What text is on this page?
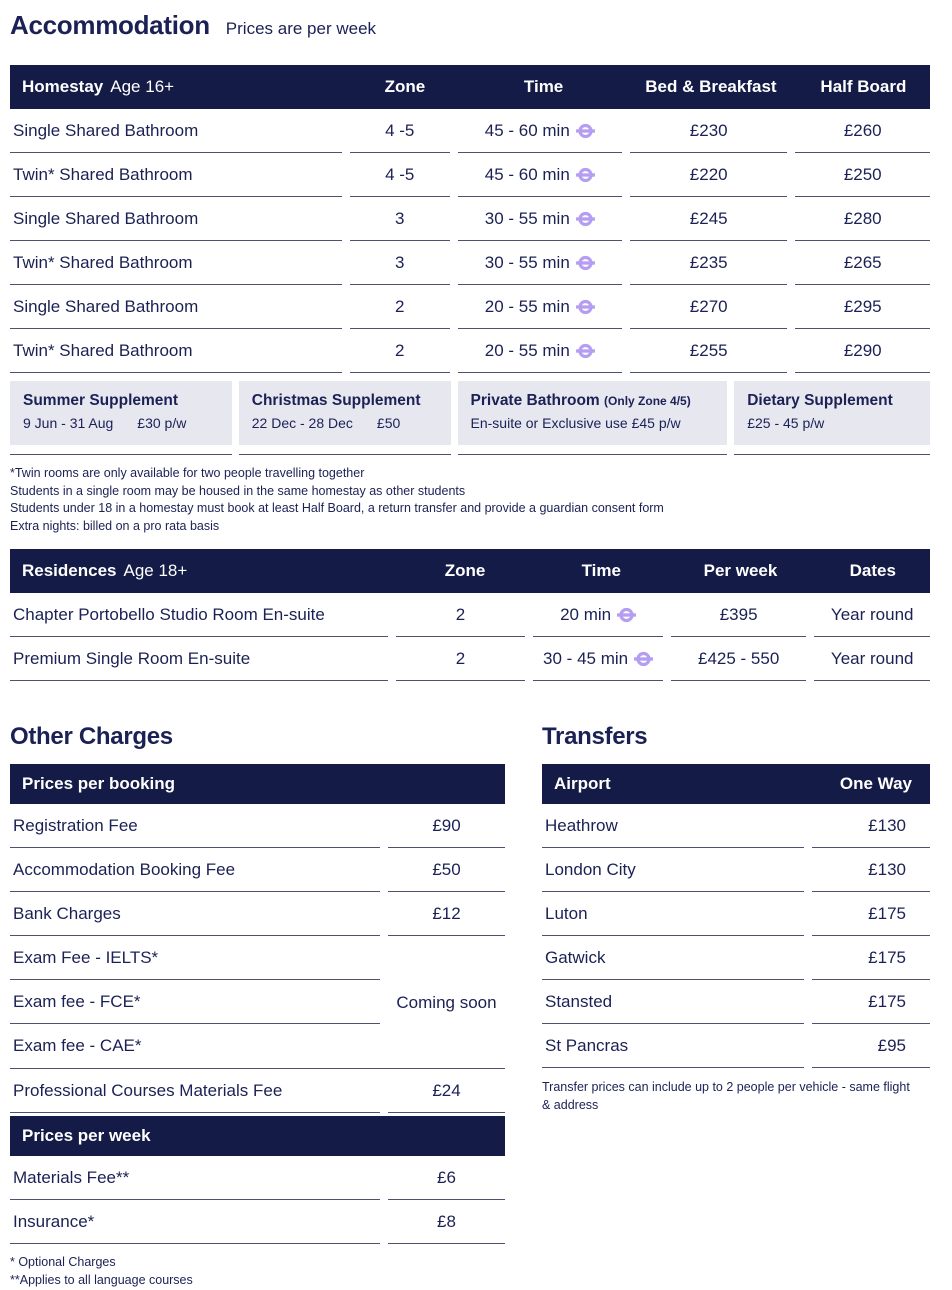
Accommodation Prices are per week
Homestay Age 16+	Zone	Time	Bed & Breakfast	Half Board
Single Shared Bathroom	4 -5	45 - 60 min	£230	£260
Twin* Shared Bathroom	4 -5	45 - 60 min	£220	£250
Single Shared Bathroom	3	30 - 55 min	£245	£280
Twin* Shared Bathroom	3	30 - 55 min	£235	£265
Single Shared Bathroom	2	20 - 55 min	£270	£295
Twin* Shared Bathroom	2	20 - 55 min	£255	£290
Summer Supplement
9 Jun - 31 Aug £30 p/w
Christmas Supplement
22 Dec - 28 Dec £50
Private Bathroom (Only Zone 4/5)
En-suite or Exclusive use £45 p/w
Dietary Supplement
£25 - 45 p/w
*Twin rooms are only available for two people travelling together
Students in a single room may be housed in the same homestay as other students
Students under 18 in a homestay must book at least Half Board, a return transfer and provide a guardian consent form
Extra nights: billed on a pro rata basis
Residences Age 18+	Zone	Time	Per week	Dates
Chapter Portobello Studio Room En-suite	2	20 min	£395	Year round
Premium Single Room En-suite	2	30 - 45 min	£425 - 550	Year round
Other Charges
Prices per booking
Registration Fee	£90
Accommodation Booking Fee	£50
Bank Charges	£12
Exam Fee - IELTS*
Exam fee - FCE*
Exam fee - CAE*
Coming soon
Professional Courses Materials Fee	£24
Prices per week
Materials Fee**	£6
Insurance*	£8
* Optional Charges
**Applies to all language courses
Transfers
Airport	One Way
Heathrow	£130
London City	£130
Luton	£175
Gatwick	£175
Stansted	£175
St Pancras	£95
Transfer prices can include up to 2 people per vehicle - same flight & address
